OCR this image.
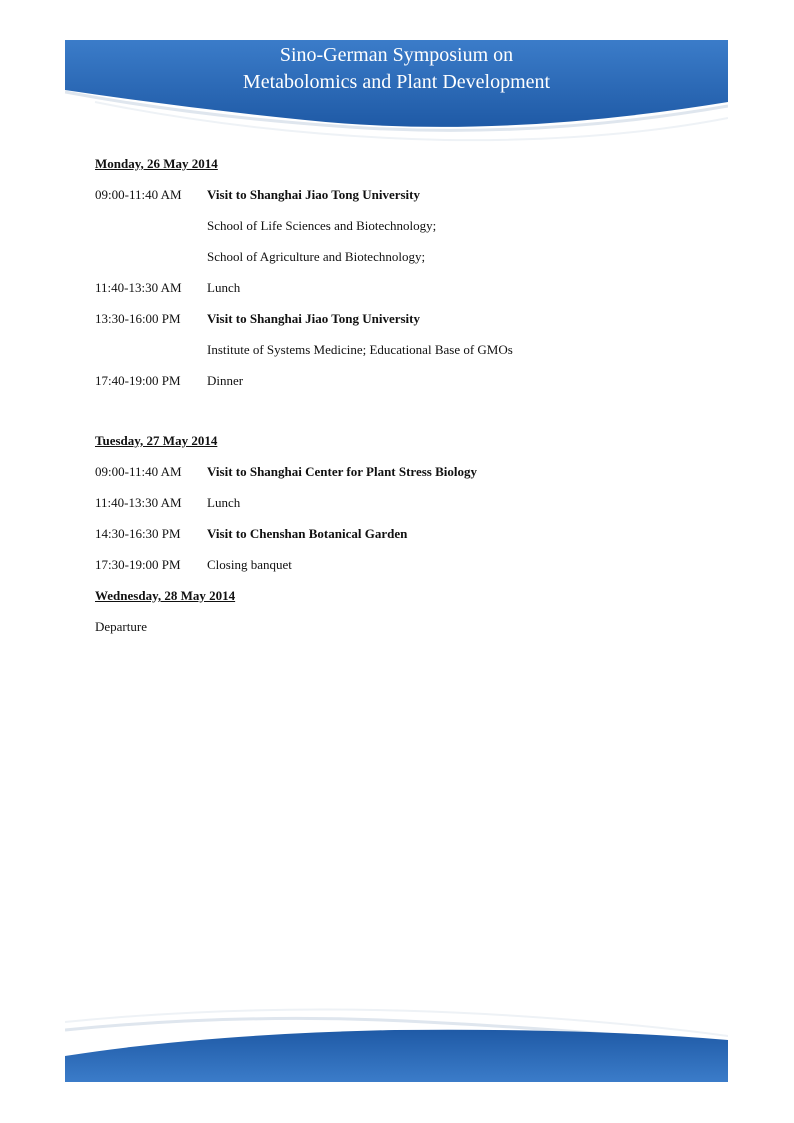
Sino-German Symposium on
Metabolomics and Plant Development
Monday, 26 May 2014
09:00-11:40 AM	Visit to Shanghai Jiao Tong University
School of Life Sciences and Biotechnology;
School of Agriculture and Biotechnology;
11:40-13:30 AM	Lunch
13:30-16:00 PM	Visit to Shanghai Jiao Tong University
Institute of Systems Medicine; Educational Base of GMOs
17:40-19:00 PM	Dinner
Tuesday, 27 May 2014
09:00-11:40 AM	Visit to Shanghai Center for Plant Stress Biology
11:40-13:30 AM	Lunch
14:30-16:30 PM	Visit to Chenshan Botanical Garden
17:30-19:00 PM	Closing banquet
Wednesday, 28 May 2014
Departure
